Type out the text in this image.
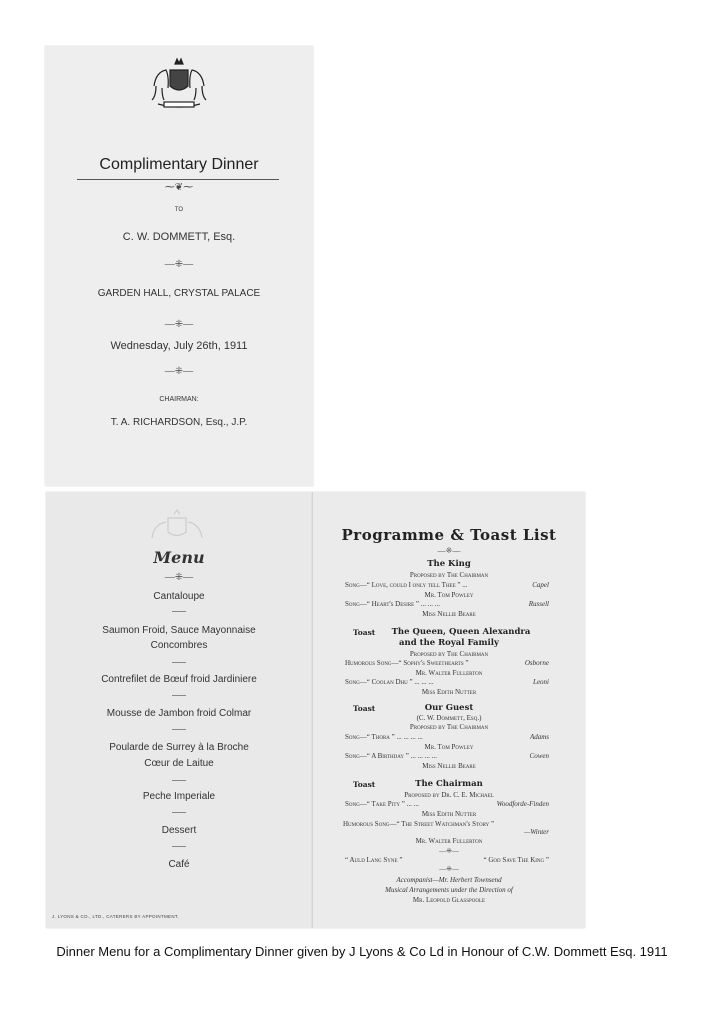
Complimentary Dinner
⁓❦⁓
TO
C. W. DOMMETT, Esq.
—⁜—
GARDEN HALL, CRYSTAL PALACE
—⁜—
Wednesday, July 26th, 1911
—⁜—
CHAIRMAN:
T. A. RICHARDSON, Esq., J.P.
Menu
—⁜—
Cantaloupe
Saumon Froid, Sauce Mayonnaise
Concombres
Contrefilet de Bœuf froid Jardiniere
Mousse de Jambon froid Colmar
Poularde de Surrey à la Broche
Cœur de Laitue
Peche Imperiale
Dessert
Café
J. LYONS & CO., LTD., CATERERS BY APPOINTMENT.
Programme & Toast List
—⁜—
The King
Proposed by The Chairman
Song—“ Love, could I only tell Thee ” ...	Capel
Mr. Tom Powley
Song—“ Heart's Desire ” ... ... ...	Russell
Miss Nellie Beare
Toast	The Queen, Queen Alexandra
and the Royal Family
Proposed by The Chairman
Humorous Song—“ Sophy's Sweethearts ”	Osborne
Mr. Walter Fullerton
Song—“ Coolan Dhu ” ... ... ...	Leoni
Miss Edith Nutter
Toast	Our Guest
(C. W. Dommett, Esq.)
Proposed by The Chairman
Song—“ Thora ” ... ... ... ...	Adams
Mr. Tom Powley
Song—“ A Birthday ” ... ... ... ...	Cowen
Miss Nellie Beare
Toast	The Chairman
Proposed by Dr. C. E. Michael
Song—“ Take Pity ” ... ...	Woodforde-Finden
Miss Edith Nutter
Humorous Song—“ The Street Watchman's Story ”
—Winter
Mr. Walter Fullerton
—⁜—
“ Auld Lang Syne ”	“ God Save The King ”
—⁜—
Accompanist—Mr. Herbert Townsend
Musical Arrangements under the Direction of
Mr. Leopold Glasspoole
Dinner Menu for a Complimentary Dinner given by J Lyons & Co Ld in Honour of C.W. Dommett Esq. 1911
